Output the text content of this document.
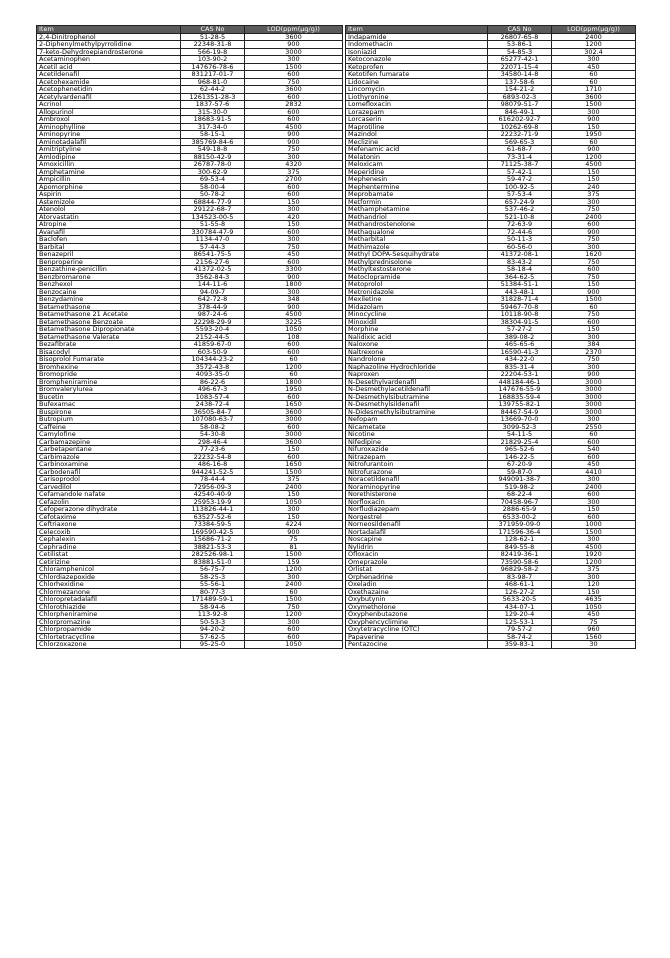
Item	CAS No	LOD(ppm(μg/g))
2,4-Dinitrophenol	51-28-5	3600
2-Diphenylmethylpyrrolidine	22348-31-8	900
7-keto-Dehydroepiandrosterone	566-19-8	3000
Acetaminophen	103-90-2	300
Acetil acid	147676-78-6	1500
Acetildenafil	831217-01-7	600
Acetohexamide	968-81-0	750
Acetophenetidin	62-44-2	3600
Acetylvardenafil	1261351-28-3	600
Acrinol	1837-57-6	2832
Allopurinol	315-30-0	600
Ambroxol	18683-91-5	600
Aminophylline	317-34-0	4500
Aminopyrine	58-15-1	900
Aminotadalafil	385769-84-6	900
Amitriptyline	549-18-8	750
Amlodipine	88150-42-9	300
Amoxicillin	26787-78-0	4320
Amphetamine	300-62-9	375
Ampicillin	69-53-4	2700
Apomorphine	58-00-4	600
Aspirin	50-78-2	600
Astemizole	68844-77-9	150
Atenolol	29122-68-7	300
Atorvastatin	134523-00-5	420
Atropine	51-55-8	150
Avanafil	330784-47-9	600
Baclofen	1134-47-0	300
Barbital	57-44-3	750
Benazepril	86541-75-5	450
Benproperine	2156-27-6	600
Benzathine-penicillin	41372-02-5	3300
Benzbromarone	3562-84-3	900
Benzhexol	144-11-6	1800
Benzocaine	94-09-7	300
Benzydamine	642-72-8	348
Betamethasone	378-44-9	900
Betamethasone 21 Acetate	987-24-6	4500
Betamethasone Benzoate	22298-29-9	3225
Betamethasone Dipropionate	5593-20-4	1050
Betamethasone Valerate	2152-44-5	108
Bezafibrate	41859-67-0	600
Bisacodyl	603-50-9	600
Bisoprolol Fumarate	104344-23-2	60
Bromhexine	3572-43-8	1200
Bromopride	4093-35-0	60
Brompheniramine	86-22-6	1800
Bromvalerylurea	496-67-3	1950
Bucetin	1083-57-4	600
Bufexamac	2438-72-4	1650
Buspirone	36505-84-7	3600
Butropium	107080-63-7	3000
Caffeine	58-08-2	600
Camylofine	54-30-8	3000
Carbamazepine	298-46-4	3600
Carbetapentane	77-23-6	150
Carbimazole	22232-54-8	600
Carbinoxamine	486-16-8	1650
Carbodenafil	944241-52-5	1500
Carisoprodol	78-44-4	375
Carvedilol	72956-09-3	2400
Cefamandole nafate	42540-40-9	150
Cefazolin	25953-19-9	1050
Cefoperazone dihydrate	113826-44-1	300
Cefotaxime	63527-52-6	150
Ceftriaxone	73384-59-5	4224
Celecoxib	169590-42-5	900
Cephalexin	15686-71-2	75
Cephradine	38821-53-3	81
Cetilistat	282526-98-1	1500
Cetirizine	83881-51-0	159
Chloramphenicol	56-75-7	1200
Chlordiazepoxide	58-25-3	300
Chlorhexidine	55-56-1	2400
Chlormezanone	80-77-3	60
Chloropretadalafil	171489-59-1	1500
Chlorothiazide	58-94-6	750
Chlorpheniramine	113-92-8	1200
Chlorpromazine	50-53-3	300
Chlorpropamide	94-20-2	600
Chlortetracycline	57-62-5	600
Chlorzoxazone	95-25-0	1050
Item	CAS No	LOD(ppm(μg/g))
Indapamide	26807-65-8	2400
Indomethacin	53-86-1	1200
Isoniazid	54-85-3	302.4
Ketoconazole	65277-42-1	300
Ketoprofen	22071-15-4	450
Ketotifen fumarate	34580-14-8	60
Lidocaine	137-58-6	60
Lincomycin	154-21-2	1710
Liothyronine	6893-02-3	3600
Lomefloxacin	98079-51-7	1500
Lorazepam	846-49-1	300
Lorcaserin	616202-92-7	900
Maprotiline	10262-69-8	150
Mazindol	22232-71-9	1950
Meclizine	569-65-3	60
Mefenamic acid	61-68-7	900
Melatonin	73-31-4	1200
Meloxicam	71125-38-7	4500
Meperidine	57-42-1	150
Mephenesin	59-47-2	150
Mephentermine	100-92-5	240
Meprobamate	57-53-4	375
Metformin	657-24-9	300
Methamphetamine	537-46-2	750
Methandriol	521-10-8	2400
Methandrostenolone	72-63-9	600
Methaqualone	72-44-6	900
Metharbital	50-11-3	750
Methimazole	60-56-0	300
Methyl DOPA-Sesquihydrate	41372-08-1	1620
Methylprednisolone	83-43-2	750
Methyltestosterone	58-18-4	600
Metoclopramide	364-62-5	750
Metoprolol	51384-51-1	150
Metronidazole	443-48-1	900
Mexiletine	31828-71-4	1500
Midazolam	59467-70-8	60
Minocycline	10118-90-8	750
Minoxidil	38304-91-5	600
Morphine	57-27-2	150
Nalidixic acid	389-08-2	300
Naloxone	465-65-6	384
Naltrexone	16590-41-3	2370
Nandrolone	434-22-0	750
Naphazoline Hydrochloride	835-31-4	300
Naproxen	22204-53-1	900
N-Desethylvardenafil	448184-46-1	3000
N-Desmethylacetildenafil	147676-55-9	3000
N-Desmethylsibutramine	168835-59-4	3000
N-Desmethylsildenafil	139755-82-1	3000
N-Didesmethylsibutramine	84467-54-9	3000
Nefopam	13669-70-0	300
Nicametate	3099-52-3	2550
Nicotine	54-11-5	60
Nifedipine	21829-25-4	600
Nifuroxazide	965-52-6	540
Nitrazepam	146-22-5	600
Nitrofurantoin	67-20-9	450
Nitrofurazone	59-87-0	4410
Noracetildenafil	949091-38-7	300
Noraminopyrine	519-98-2	2400
Norethisterone	68-22-4	600
Norfloxacin	70458-96-7	300
Norfludiazepam	2886-65-9	150
Norgestrel	6533-00-2	600
Norneosildenafil	371959-09-0	1000
Nortadalafil	171596-36-4	1500
Noscapine	128-62-1	300
Nylidrin	849-55-8	4500
Ofloxacin	82419-36-1	1920
Omeprazole	73590-58-6	1200
Orlistat	96829-58-2	375
Orphenadrine	83-98-7	300
Oxeladin	468-61-1	120
Oxethazaine	126-27-2	150
Oxybutynin	5633-20-5	4635
Oxymetholone	434-07-1	1050
Oxyphenbutazone	129-20-4	450
Oxyphencyclimine	125-53-1	75
Oxytetracycline (OTC)	79-57-2	960
Papaverine	58-74-2	1560
Pentazocine	359-83-1	30
